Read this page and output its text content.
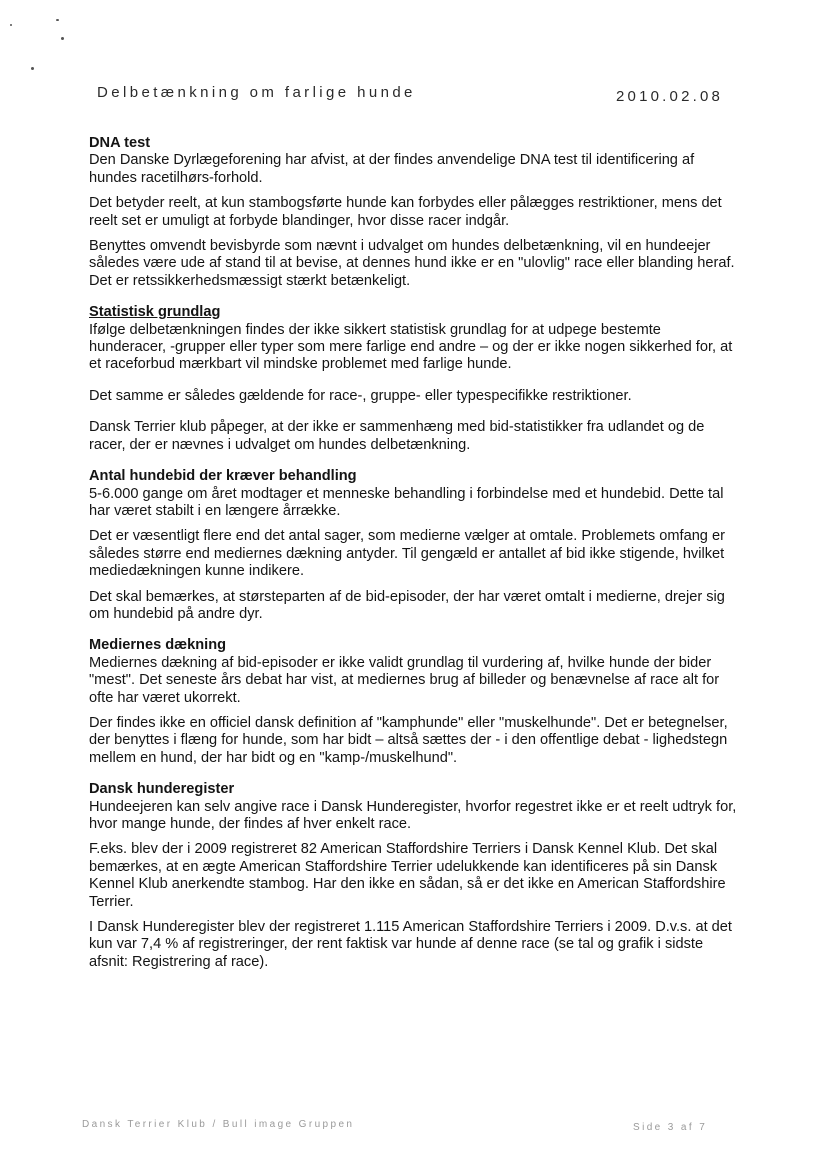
Delbetænkning om farlige hunde	2010.02.08
DNA test

Den Danske Dyrlægeforening har afvist, at der findes anvendelige DNA test til identificering af hundes racetilhørs-forhold.

Det betyder reelt, at kun stambogsførte hunde kan forbydes eller pålægges restriktioner, mens det reelt set er umuligt at forbyde blandinger, hvor disse racer indgår.

Benyttes omvendt bevisbyrde som nævnt i udvalget om hundes delbetænkning, vil en hundeejer således være ude af stand til at bevise, at dennes hund ikke er en "ulovlig" race eller blanding heraf. Det er retssikkerhedsmæssigt stærkt betænkeligt.

Statistisk grundlag

Ifølge delbetænkningen findes der ikke sikkert statistisk grundlag for at udpege bestemte hunderacer, -grupper eller typer som mere farlige end andre – og der er ikke nogen sikkerhed for, at et raceforbud mærkbart vil mindske problemet med farlige hunde.

Det samme er således gældende for race-, gruppe- eller typespecifikke restriktioner.

Dansk Terrier klub påpeger, at der ikke er sammenhæng med bid-statistikker fra udlandet og de racer, der er nævnes i udvalget om hundes delbetænkning.

Antal hundebid der kræver behandling

5-6.000 gange om året modtager et menneske behandling i forbindelse med et hundebid. Dette tal har været stabilt i en længere årrække.

Det er væsentligt flere end det antal sager, som medierne vælger at omtale. Problemets omfang er således større end mediernes dækning antyder. Til gengæld er antallet af bid ikke stigende, hvilket mediedækningen kunne indikere.

Det skal bemærkes, at størsteparten af de bid-episoder, der har været omtalt i medierne, drejer sig om hundebid på andre dyr.

Mediernes dækning

Mediernes dækning af bid-episoder er ikke validt grundlag til vurdering af, hvilke hunde der bider "mest". Det seneste års debat har vist, at mediernes brug af billeder og benævnelse af race alt for ofte har været ukorrekt.

Der findes ikke en officiel dansk definition af "kamphunde" eller "muskelhunde". Det er betegnelser, der benyttes i flæng for hunde, som har bidt – altså sættes der - i den offentlige debat - lighedstegn mellem en hund, der har bidt og en "kamp-/muskelhund".

Dansk hunderegister

Hundeejeren kan selv angive race i Dansk Hunderegister, hvorfor regestret ikke er et reelt udtryk for, hvor mange hunde, der findes af hver enkelt race.

F.eks. blev der i 2009 registreret 82 American Staffordshire Terriers i Dansk Kennel Klub. Det skal bemærkes, at en ægte American Staffordshire Terrier udelukkende kan identificeres på sin Dansk Kennel Klub anerkendte stambog. Har den ikke en sådan, så er det ikke en American Staffordshire Terrier.

I Dansk Hunderegister blev der registreret 1.115 American Staffordshire Terriers i 2009. D.v.s. at det kun var 7,4 % af registreringer, der rent faktisk var hunde af denne race (se tal og grafik i sidste afsnit: Registrering af race).

Dansk Terrier Klub / Bull image Gruppen	Side 3 af 7
